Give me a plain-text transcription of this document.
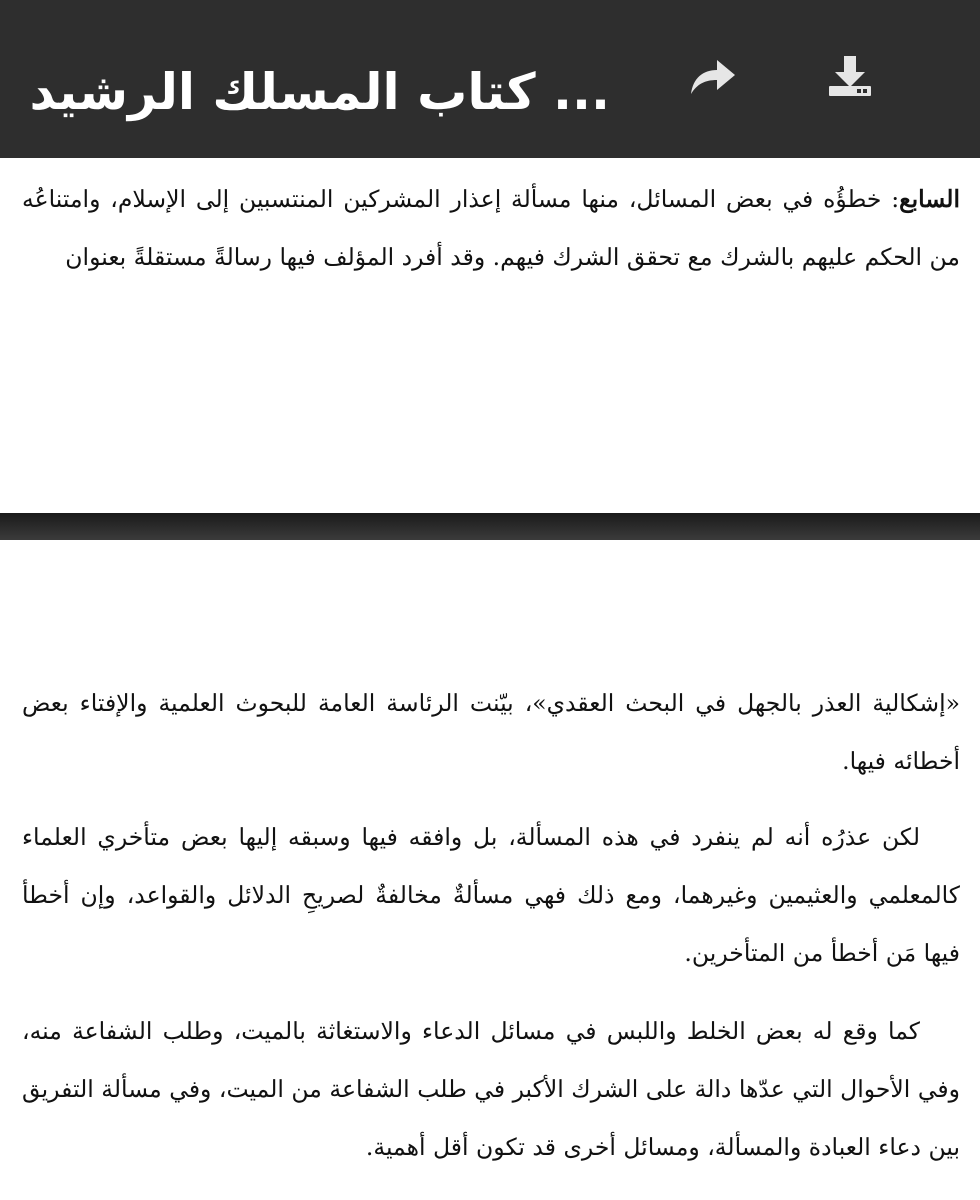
... كتاب المسلك الرشيد

السابع: خطؤُه في بعض المسائل، منها مسألة إعذار المشركين المنتسبين إلى الإسلام، وامتناعُه من الحكم عليهم بالشرك مع تحقق الشرك فيهم. وقد أفرد المؤلف فيها رسالةً مستقلةً بعنوان

«إشكالية العذر بالجهل في البحث العقدي»، بيّنت الرئاسة العامة للبحوث العلمية والإفتاء بعض أخطائه فيها.

لكن عذرُه أنه لم ينفرد في هذه المسألة، بل وافقه فيها وسبقه إليها بعض متأخري العلماء كالمعلمي والعثيمين وغيرهما، ومع ذلك فهي مسألةٌ مخالفةٌ لصريحِ الدلائل والقواعد، وإن أخطأ فيها مَن أخطأ من المتأخرين.

كما وقع له بعض الخلط واللبس في مسائل الدعاء والاستغاثة بالميت، وطلب الشفاعة منه، وفي الأحوال التي عدّها دالة على الشرك الأكبر في طلب الشفاعة من الميت، وفي مسألة التفريق بين دعاء العبادة والمسألة، ومسائل أخرى قد تكون أقل أهمية.
